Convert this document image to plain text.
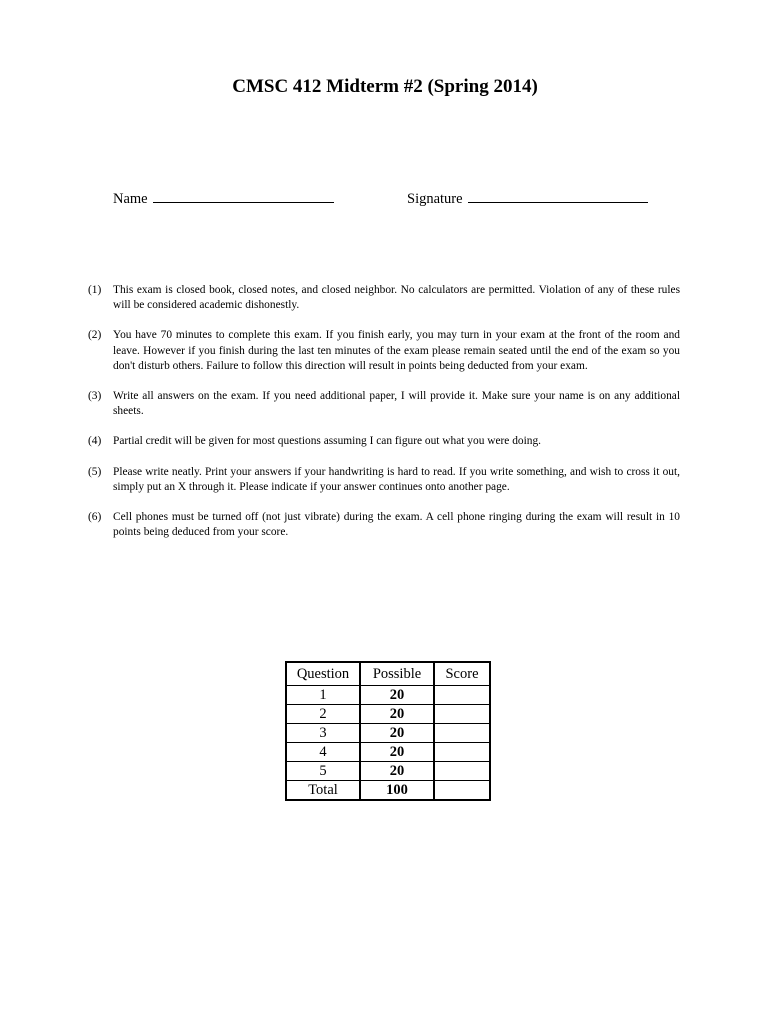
CMSC 412 Midterm #2 (Spring 2014)
Name	Signature
(1) This exam is closed book, closed notes, and closed neighbor. No calculators are permitted. Violation of any of these rules will be considered academic dishonestly.
(2) You have 70 minutes to complete this exam. If you finish early, you may turn in your exam at the front of the room and leave. However if you finish during the last ten minutes of the exam please remain seated until the end of the exam so you don't disturb others. Failure to follow this direction will result in points being deducted from your exam.
(3) Write all answers on the exam. If you need additional paper, I will provide it. Make sure your name is on any additional sheets.
(4) Partial credit will be given for most questions assuming I can figure out what you were doing.
(5) Please write neatly. Print your answers if your handwriting is hard to read. If you write something, and wish to cross it out, simply put an X through it. Please indicate if your answer continues onto another page.
(6) Cell phones must be turned off (not just vibrate) during the exam. A cell phone ringing during the exam will result in 10 points being deduced from your score.
Question	Possible	Score
1	20	
2	20	
3	20	
4	20	
5	20	
Total	100	
